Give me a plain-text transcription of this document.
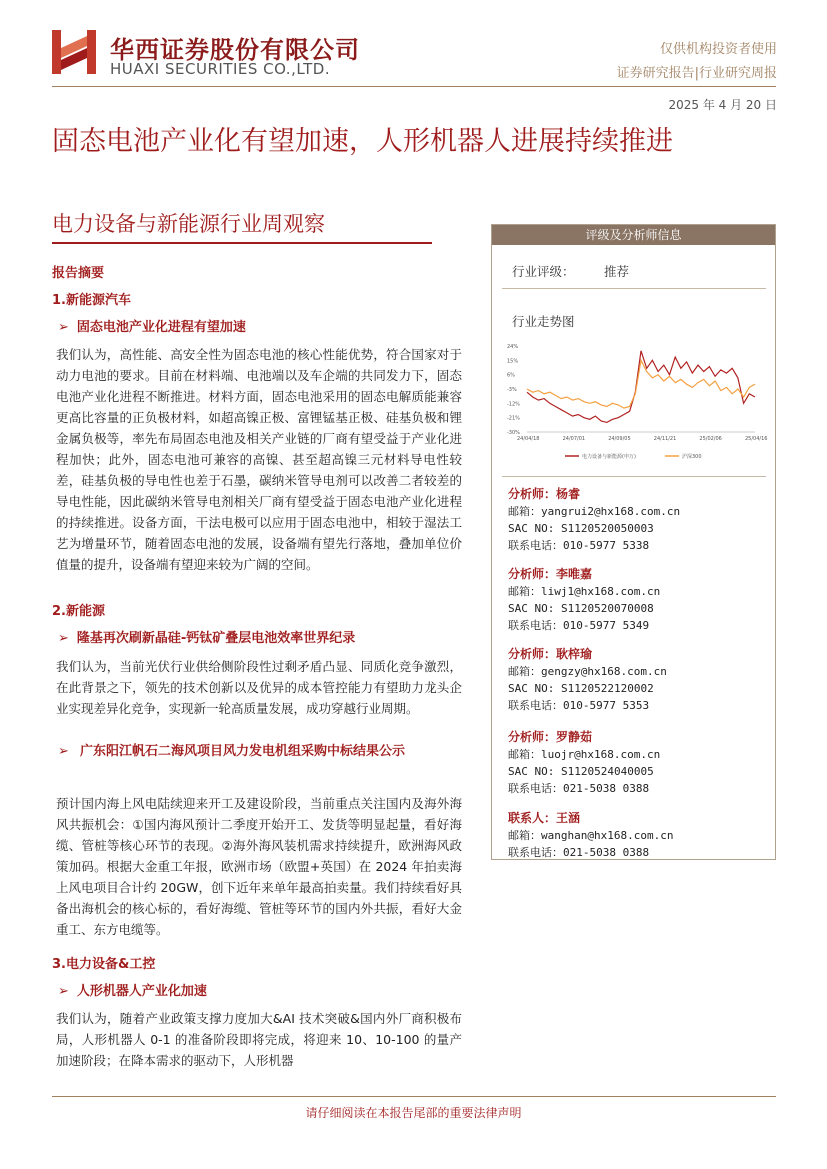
华西证券股份有限公司
HUAXI SECURITIES CO.,LTD.
仅供机构投资者使用
证券研究报告|行业研究周报
2025 年 4 月 20 日
固态电池产业化有望加速，人形机器人进展持续推进
电力设备与新能源行业周观察
报告摘要
1.新能源汽车
➢ 固态电池产业化进程有望加速
我们认为，高性能、高安全性为固态电池的核心性能优势，符合国家对于动力电池的要求。目前在材料端、电池端以及车企端的共同发力下，固态电池产业化进程不断推进。材料方面，固态电池采用的固态电解质能兼容更高比容量的正负极材料，如超高镍正极、富锂锰基正极、硅基负极和锂金属负极等，率先布局固态电池及相关产业链的厂商有望受益于产业化进程加快；此外，固态电池可兼容的高镍、甚至超高镍三元材料导电性较差，硅基负极的导电性也差于石墨，碳纳米管导电剂可以改善二者较差的导电性能，因此碳纳米管导电剂相关厂商有望受益于固态电池产业化进程的持续推进。设备方面，干法电极可以应用于固态电池中，相较于湿法工艺为增量环节，随着固态电池的发展，设备端有望先行落地，叠加单位价值量的提升，设备端有望迎来较为广阔的空间。
2.新能源
➢ 隆基再次刷新晶硅-钙钛矿叠层电池效率世界纪录
我们认为，当前光伏行业供给侧阶段性过剩矛盾凸显、同质化竞争激烈，在此背景之下，领先的技术创新以及优异的成本管控能力有望助力龙头企业实现差异化竞争，实现新一轮高质量发展，成功穿越行业周期。
➢ 广东阳江帆石二海风项目风力发电机组采购中标结果公示
预计国内海上风电陆续迎来开工及建设阶段，当前重点关注国内及海外海风共振机会：①国内海风预计二季度开始开工、发货等明显起量，看好海缆、管桩等核心环节的表现。②海外海风装机需求持续提升，欧洲海风政策加码。根据大金重工年报，欧洲市场（欧盟+英国）在 2024 年拍卖海上风电项目合计约 20GW，创下近年来单年最高拍卖量。我们持续看好具备出海机会的核心标的，看好海缆、管桩等环节的国内外共振，看好大金重工、东方电缆等。
3.电力设备&工控
➢ 人形机器人产业化加速
我们认为，随着产业政策支撑力度加大&AI 技术突破&国内外厂商积极布局，人形机器人 0-1 的准备阶段即将完成，将迎来 10、10-100 的量产加速阶段；在降本需求的驱动下，人形机器
评级及分析师信息
行业评级： 推荐
行业走势图
24%
15%
6%
-3%
-12%
-21%
-30%
24/04/18	24/07/01	24/09/05	24/11/21	25/02/06	25/04/16
电力设备与新能源(申万)	沪深300
分析师：杨睿
邮箱：yangrui2@hx168.com.cn
SAC NO: S1120520050003
联系电话：010-5977 5338
分析师：李唯嘉
邮箱：liwj1@hx168.com.cn
SAC NO: S1120520070008
联系电话：010-5977 5349
分析师：耿梓瑜
邮箱：gengzy@hx168.com.cn
SAC NO: S1120522120002
联系电话：010-5977 5353
分析师：罗静茹
邮箱：luojr@hx168.com.cn
SAC NO: S1120524040005
联系电话：021-5038 0388
联系人：王涵
邮箱：wanghan@hx168.com.cn
联系电话：021-5038 0388
请仔细阅读在本报告尾部的重要法律声明
